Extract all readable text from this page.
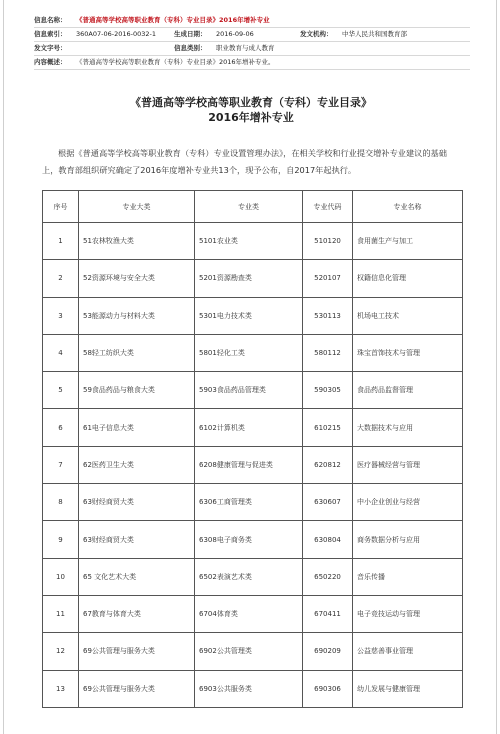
信息名称： 《普通高等学校高等职业教育（专科）专业目录》2016年增补专业
信息索引： 360A07-06-2016-0032-1	生成日期： 2016-09-06	发文机构： 中华人民共和国教育部
发文字号：	信息类别： 职业教育与成人教育
内容概述： 《普通高等学校高等职业教育（专科）专业目录》2016年增补专业。
《普通高等学校高等职业教育（专科）专业目录》
2016年增补专业
根据《普通高等学校高等职业教育（专科）专业设置管理办法》，在相关学校和行业提交增补专业建议的基础上，教育部组织研究确定了2016年度增补专业共13个，现予公布，自2017年起执行。
序号	专业大类	专业类	专业代码	专业名称
1	51农林牧渔大类	5101农业类	510120	食用菌生产与加工
2	52资源环境与安全大类	5201资源勘查类	520107	权籍信息化管理
3	53能源动力与材料大类	5301电力技术类	530113	机场电工技术
4	58轻工纺织大类	5801轻化工类	580112	珠宝首饰技术与管理
5	59食品药品与粮食大类	5903食品药品管理类	590305	食品药品监督管理
6	61电子信息大类	6102计算机类	610215	大数据技术与应用
7	62医药卫生大类	6208健康管理与促进类	620812	医疗器械经营与管理
8	63财经商贸大类	6306工商管理类	630607	中小企业创业与经营
9	63财经商贸大类	6308电子商务类	630804	商务数据分析与应用
10	65 文化艺术大类	6502表演艺术类	650220	音乐传播
11	67教育与体育大类	6704体育类	670411	电子竞技运动与管理
12	69公共管理与服务大类	6902公共管理类	690209	公益慈善事业管理
13	69公共管理与服务大类	6903公共服务类	690306	幼儿发展与健康管理
